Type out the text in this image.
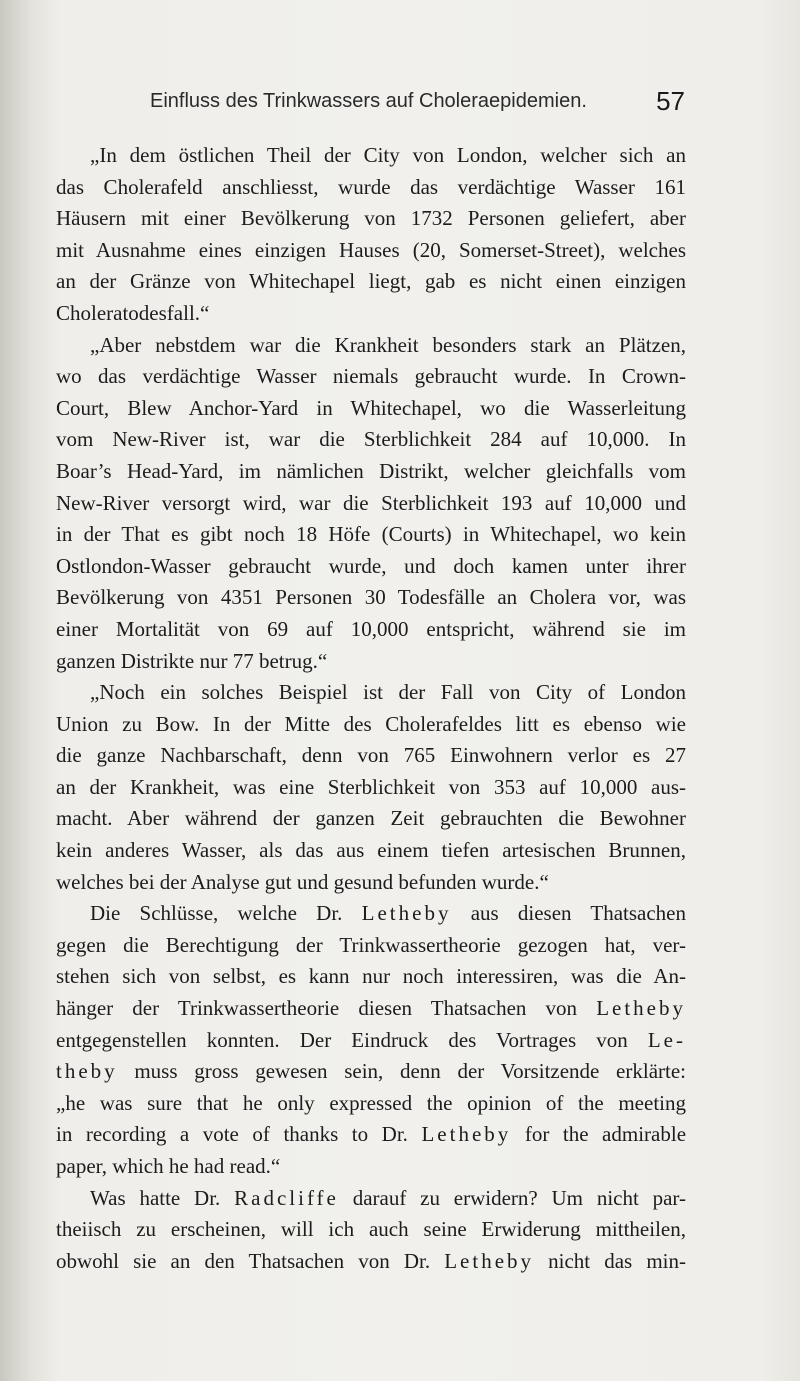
Einfluss des Trinkwassers auf Choleraepidemien.	57
„In dem östlichen Theil der City von London, welcher sich an
das Cholerafeld anschliesst, wurde das verdächtige Wasser 161
Häusern mit einer Bevölkerung von 1732 Personen geliefert, aber
mit Ausnahme eines einzigen Hauses (20, Somerset-Street), welches
an der Gränze von Whitechapel liegt, gab es nicht einen einzigen
Choleratodesfall.“
„Aber nebstdem war die Krankheit besonders stark an Plätzen,
wo das verdächtige Wasser niemals gebraucht wurde. In Crown-
Court, Blew Anchor-Yard in Whitechapel, wo die Wasserleitung
vom New-River ist, war die Sterblichkeit 284 auf 10,000. In
Boar’s Head-Yard, im nämlichen Distrikt, welcher gleichfalls vom
New-River versorgt wird, war die Sterblichkeit 193 auf 10,000 und
in der That es gibt noch 18 Höfe (Courts) in Whitechapel, wo kein
Ostlondon-Wasser gebraucht wurde, und doch kamen unter ihrer
Bevölkerung von 4351 Personen 30 Todesfälle an Cholera vor, was
einer Mortalität von 69 auf 10,000 entspricht, während sie im
ganzen Distrikte nur 77 betrug.“
„Noch ein solches Beispiel ist der Fall von City of London
Union zu Bow. In der Mitte des Cholerafeldes litt es ebenso wie
die ganze Nachbarschaft, denn von 765 Einwohnern verlor es 27
an der Krankheit, was eine Sterblichkeit von 353 auf 10,000 aus-
macht. Aber während der ganzen Zeit gebrauchten die Bewohner
kein anderes Wasser, als das aus einem tiefen artesischen Brunnen,
welches bei der Analyse gut und gesund befunden wurde.“
Die Schlüsse, welche Dr. Letheby aus diesen Thatsachen
gegen die Berechtigung der Trinkwassertheorie gezogen hat, ver-
stehen sich von selbst, es kann nur noch interessiren, was die An-
hänger der Trinkwassertheorie diesen Thatsachen von Letheby
entgegenstellen konnten. Der Eindruck des Vortrages von Le-
theby muss gross gewesen sein, denn der Vorsitzende erklärte:
„he was sure that he only expressed the opinion of the meeting
in recording a vote of thanks to Dr. Letheby for the admirable
paper, which he had read.“
Was hatte Dr. Radcliffe darauf zu erwidern? Um nicht par-
theiisch zu erscheinen, will ich auch seine Erwiderung mittheilen,
obwohl sie an den Thatsachen von Dr. Letheby nicht das min-
